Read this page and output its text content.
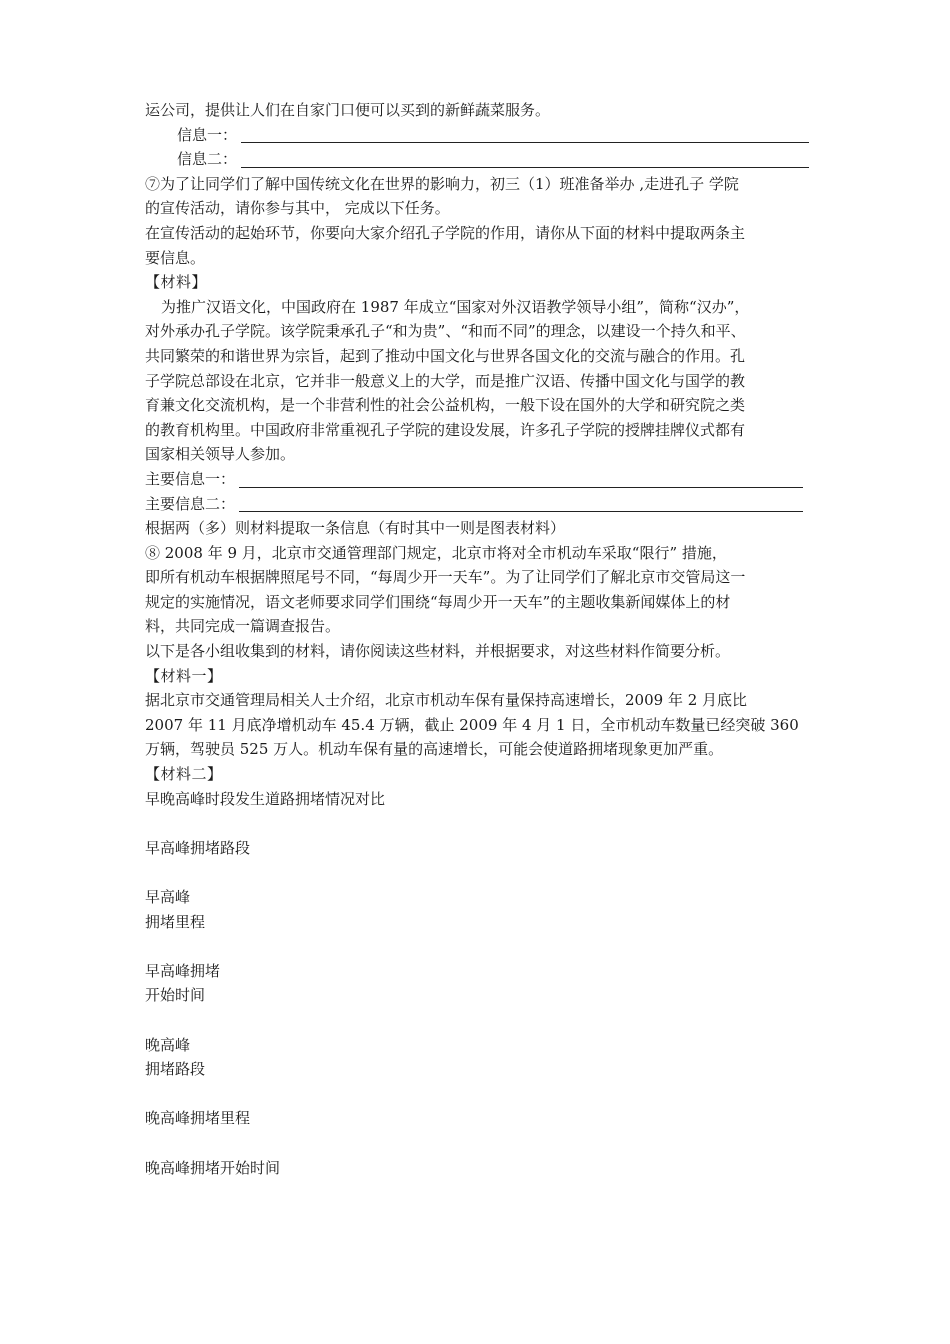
运公司，提供让人们在自家门口便可以买到的新鲜蔬菜服务。
信息一：
信息二：
⑦为了让同学们了解中国传统文化在世界的影响力，初三（1）班准备举办 ,走进孔子 学院
的宣传活动，请你参与其中， 完成以下任务。
在宣传活动的起始环节，你要向大家介绍孔子学院的作用，请你从下面的材料中提取两条主
要信息。
【材料】
为推广汉语文化，中国政府在 1987 年成立“国家对外汉语教学领导小组”，简称“汉办”，
对外承办孔子学院。该学院秉承孔子“和为贵”、“和而不同”的理念，以建设一个持久和平、
共同繁荣的和谐世界为宗旨，起到了推动中国文化与世界各国文化的交流与融合的作用。孔
子学院总部设在北京，它并非一般意义上的大学，而是推广汉语、传播中国文化与国学的教
育兼文化交流机构，是一个非营利性的社会公益机构，一般下设在国外的大学和研究院之类
的教育机构里。中国政府非常重视孔子学院的建设发展，许多孔子学院的授牌挂牌仪式都有
国家相关领导人参加。
主要信息一：
主要信息二：
根据两（多）则材料提取一条信息（有时其中一则是图表材料）
⑧ 2008 年 9 月，北京市交通管理部门规定，北京市将对全市机动车采取“限行” 措施，
即所有机动车根据牌照尾号不同，“每周少开一天车”。为了让同学们了解北京市交管局这一
规定的实施情况，语文老师要求同学们围绕“每周少开一天车”的主题收集新闻媒体上的材
料，共同完成一篇调查报告。
以下是各小组收集到的材料，请你阅读这些材料，并根据要求，对这些材料作简要分析。
【材料一】
据北京市交通管理局相关人士介绍，北京市机动车保有量保持高速增长，2009 年 2 月底比
2007 年 11 月底净增机动车 45.4 万辆，截止 2009 年 4 月 1 日，全市机动车数量已经突破 360
万辆，驾驶员 525 万人。机动车保有量的高速增长，可能会使道路拥堵现象更加严重。
【材料二】
早晚高峰时段发生道路拥堵情况对比
早高峰拥堵路段
早高峰
拥堵里程
早高峰拥堵
开始时间
晚高峰
拥堵路段
晚高峰拥堵里程
晚高峰拥堵开始时间
